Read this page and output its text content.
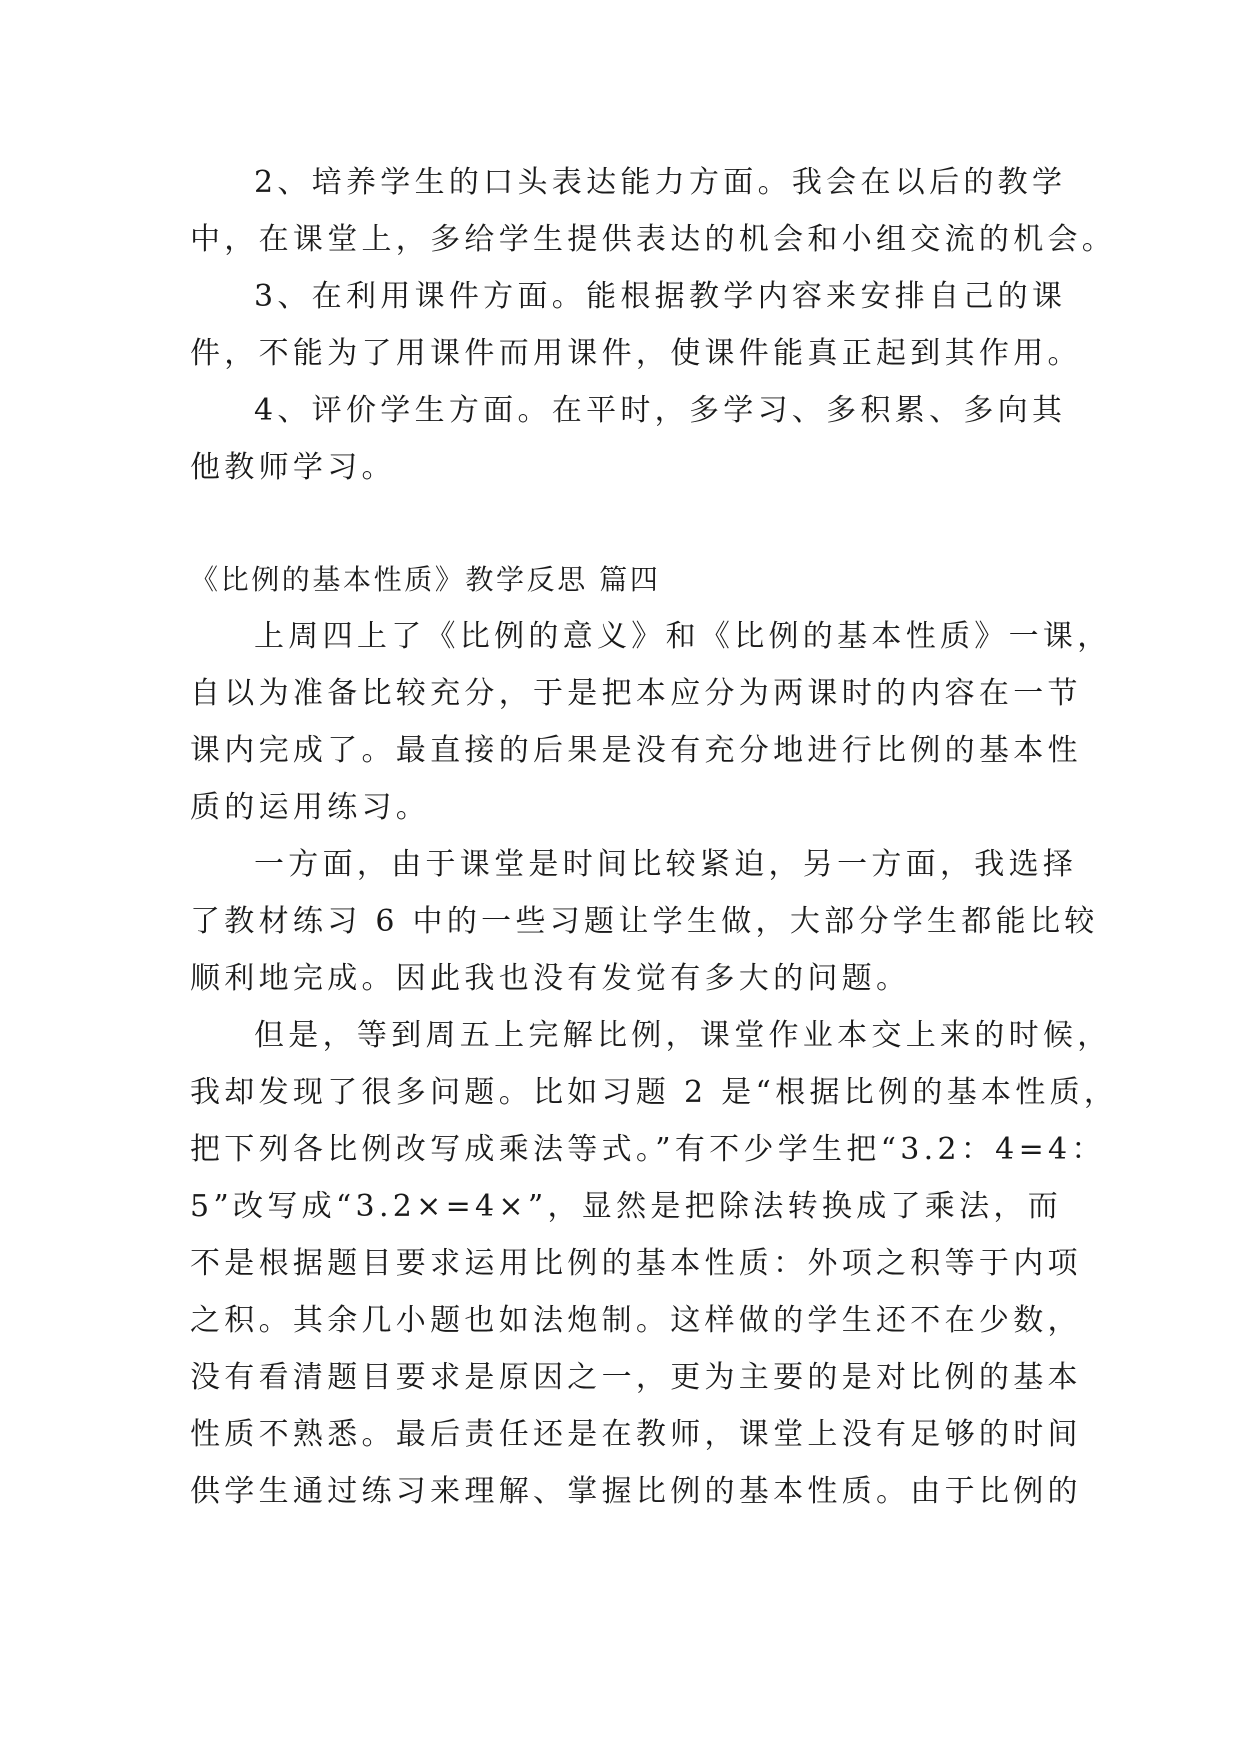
2、培养学生的口头表达能力方面。我会在以后的教学
中，在课堂上，多给学生提供表达的机会和小组交流的机会。
3、在利用课件方面。能根据教学内容来安排自己的课
件，不能为了用课件而用课件，使课件能真正起到其作用。
4、评价学生方面。在平时，多学习、多积累、多向其
他教师学习。
《比例的基本性质》教学反思 篇四
上周四上了《比例的意义》和《比例的基本性质》一课，
自以为准备比较充分，于是把本应分为两课时的内容在一节
课内完成了。最直接的后果是没有充分地进行比例的基本性
质的运用练习。
一方面，由于课堂是时间比较紧迫，另一方面，我选择
了教材练习 6 中的一些习题让学生做，大部分学生都能比较
顺利地完成。因此我也没有发觉有多大的问题。
但是，等到周五上完解比例，课堂作业本交上来的时候，
我却发现了很多问题。比如习题 2 是“根据比例的基本性质，
把下列各比例改写成乘法等式。”有不少学生把“3.2：4=4：
5”改写成“3.2×=4×”，显然是把除法转换成了乘法，而
不是根据题目要求运用比例的基本性质：外项之积等于内项
之积。其余几小题也如法炮制。这样做的学生还不在少数，
没有看清题目要求是原因之一，更为主要的是对比例的基本
性质不熟悉。最后责任还是在教师，课堂上没有足够的时间
供学生通过练习来理解、掌握比例的基本性质。由于比例的
